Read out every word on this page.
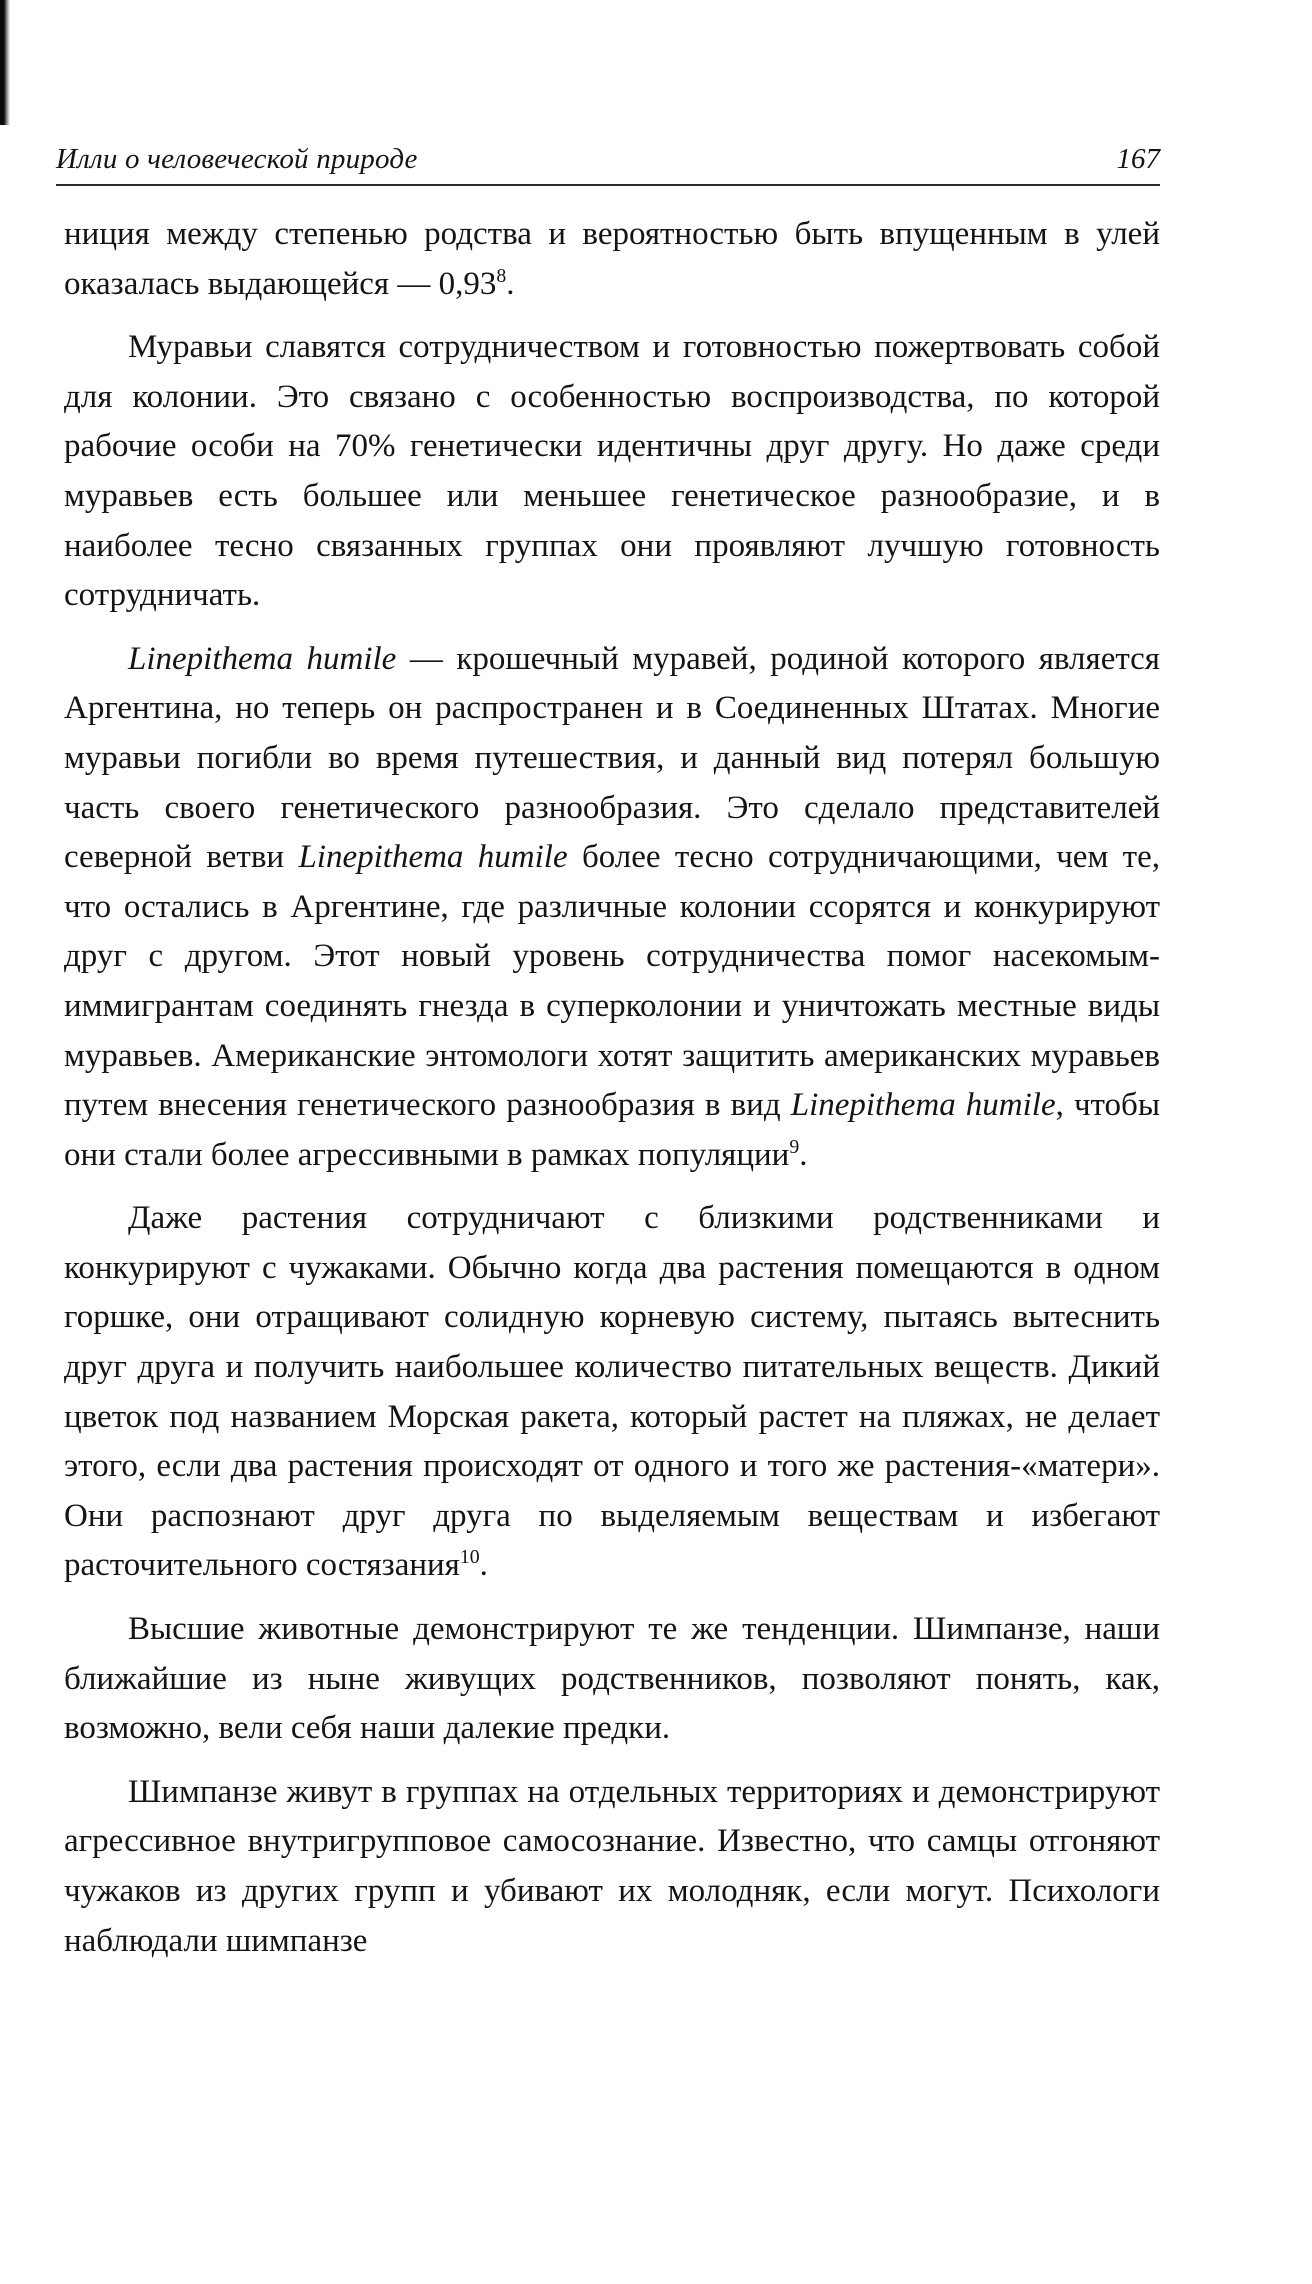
Илли о человеческой природе	167

ниция между степенью родства и вероятностью быть впущенным в улей оказалась выдающейся — 0,93$^8$.

Муравьи славятся сотрудничеством и готовностью пожертвовать собой для колонии. Это связано с особенностью воспроизводства, по которой рабочие особи на 70% генетически идентичны друг другу. Но даже среди муравьев есть большее или меньшее генетическое разнообразие, и в наиболее тесно связанных группах они проявляют лучшую готовность сотрудничать.

Linepithema humile — крошечный муравей, родиной которого является Аргентина, но теперь он распространен и в Соединенных Штатах. Многие муравьи погибли во время путешествия, и данный вид потерял большую часть своего генетического разнообразия. Это сделало представителей северной ветви Linepithema humile более тесно сотрудничающими, чем те, что остались в Аргентине, где различные колонии ссорятся и конкурируют друг с другом. Этот новый уровень сотрудничества помог насекомым-иммигрантам соединять гнезда в суперколонии и уничтожать местные виды муравьев. Американские энтомологи хотят защитить американских муравьев путем внесения генетического разнообразия в вид Linepithema humile, чтобы они стали более агрессивными в рамках популяции$^9$.

Даже растения сотрудничают с близкими родственниками и конкурируют с чужаками. Обычно когда два растения помещаются в одном горшке, они отращивают солидную корневую систему, пытаясь вытеснить друг друга и получить наибольшее количество питательных веществ. Дикий цветок под названием Морская ракета, который растет на пляжах, не делает этого, если два растения происходят от одного и того же растения-«матери». Они распознают друг друга по выделяемым веществам и избегают расточительного состязания$^{10}$.

Высшие животные демонстрируют те же тенденции. Шимпанзе, наши ближайшие из ныне живущих родственников, позволяют понять, как, возможно, вели себя наши далекие предки.

Шимпанзе живут в группах на отдельных территориях и демонстрируют агрессивное внутригрупповое самосознание. Известно, что самцы отгоняют чужаков из других групп и убивают их молодняк, если могут. Психологи наблюдали шимпанзе
